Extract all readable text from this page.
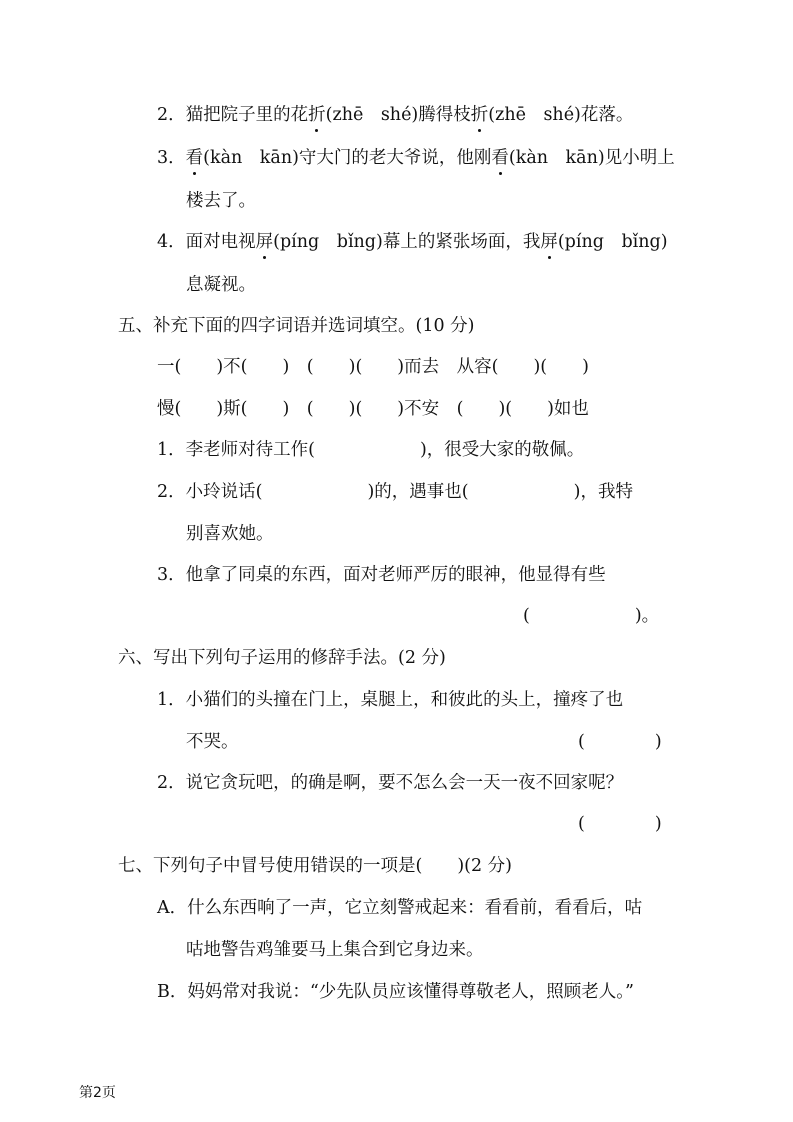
2．猫把院子里的花折(zhē　shé)腾得枝折(zhē　shé)花落。
3．看(kàn　kān)守大门的老大爷说，他刚看(kàn　kān)见小明上
楼去了。
4．面对电视屏(píng　bǐng)幕上的紧张场面，我屏(píng　bǐng)
息凝视。
五、补充下面的四字词语并选词填空。(10 分)
一(　　)不(　　)　(　　)(　　)而去　从容(　　)(　　)
慢(　　)斯(　　)　(　　)(　　)不安　(　　)(　　)如也
1．李老师对待工作(　　　　　　)，很受大家的敬佩。
2．小玲说话(　　　　　　)的，遇事也(　　　　　　)，我特
别喜欢她。
3．他拿了同桌的东西，面对老师严厉的眼神，他显得有些
(　　　　　　)。
六、写出下列句子运用的修辞手法。(2 分)
1．小猫们的头撞在门上，桌腿上，和彼此的头上，撞疼了也
不哭。	(　　　　)
2．说它贪玩吧，的确是啊，要不怎么会一天一夜不回家呢？
(　　　　)
七、下列句子中冒号使用错误的一项是(　　)(2 分)
A．什么东西响了一声，它立刻警戒起来：看看前，看看后，咕
咕地警告鸡雏要马上集合到它身边来。
B．妈妈常对我说：“少先队员应该懂得尊敬老人，照顾老人。”
第2页
